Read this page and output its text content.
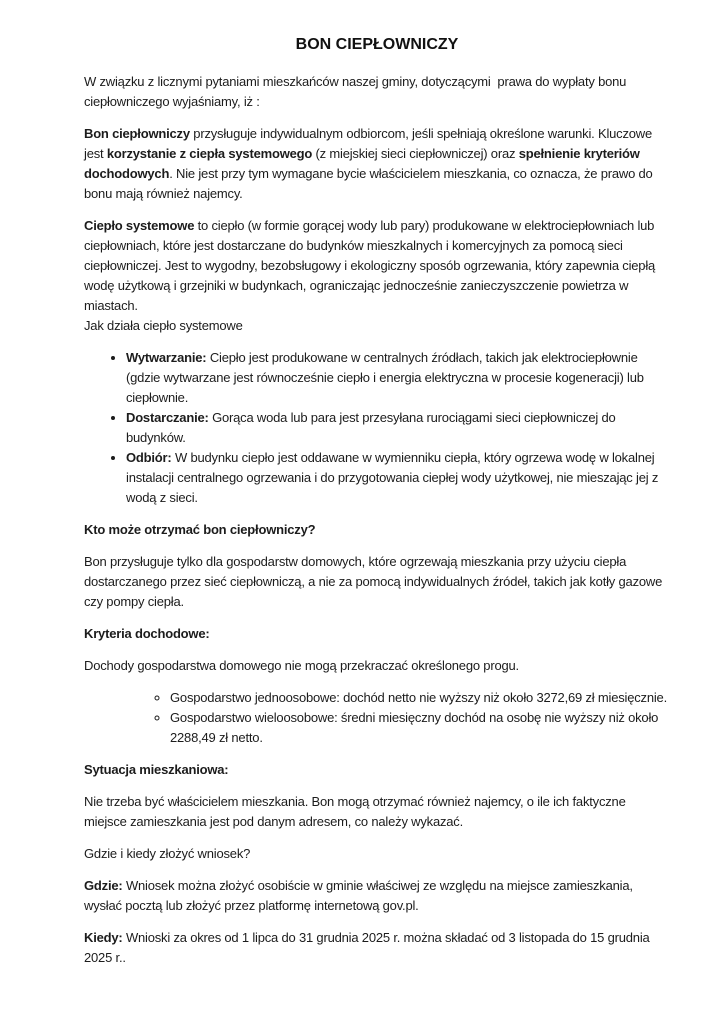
BON CIEPŁOWNICZY

W związku z licznymi pytaniami mieszkańców naszej gminy, dotyczącymi  prawa do wypłaty bonu ciepłowniczego wyjaśniamy, iż :

Bon ciepłowniczy przysługuje indywidualnym odbiorcom, jeśli spełniają określone warunki. Kluczowe jest korzystanie z ciepła systemowego (z miejskiej sieci ciepłowniczej) oraz spełnienie kryteriów dochodowych. Nie jest przy tym wymagane bycie właścicielem mieszkania, co oznacza, że prawo do bonu mają również najemcy.

Ciepło systemowe to ciepło (w formie gorącej wody lub pary) produkowane w elektrociepłowniach lub ciepłowniach, które jest dostarczane do budynków mieszkalnych i komercyjnych za pomocą sieci ciepłowniczej. Jest to wygodny, bezobsługowy i ekologiczny sposób ogrzewania, który zapewnia ciepłą wodę użytkową i grzejniki w budynkach, ograniczając jednocześnie zanieczyszczenie powietrza w miastach.
Jak działa ciepło systemowe

• Wytwarzanie: Ciepło jest produkowane w centralnych źródłach, takich jak elektrociepłownie (gdzie wytwarzane jest równocześnie ciepło i energia elektryczna w procesie kogeneracji) lub ciepłownie.
• Dostarczanie: Gorąca woda lub para jest przesyłana rurociągami sieci ciepłowniczej do budynków.
• Odbiór: W budynku ciepło jest oddawane w wymienniku ciepła, który ogrzewa wodę w lokalnej instalacji centralnego ogrzewania i do przygotowania ciepłej wody użytkowej, nie mieszając jej z wodą z sieci.

Kto może otrzymać bon ciepłowniczy?

Bon przysługuje tylko dla gospodarstw domowych, które ogrzewają mieszkania przy użyciu ciepła dostarczanego przez sieć ciepłowniczą, a nie za pomocą indywidualnych źródeł, takich jak kotły gazowe czy pompy ciepła.

Kryteria dochodowe:

Dochody gospodarstwa domowego nie mogą przekraczać określonego progu.

◦ Gospodarstwo jednoosobowe: dochód netto nie wyższy niż około 3272,69 zł miesięcznie.
◦ Gospodarstwo wieloosobowe: średni miesięczny dochód na osobę nie wyższy niż około 2288,49 zł netto.

Sytuacja mieszkaniowa:

Nie trzeba być właścicielem mieszkania. Bon mogą otrzymać również najemcy, o ile ich faktyczne miejsce zamieszkania jest pod danym adresem, co należy wykazać.

Gdzie i kiedy złożyć wniosek?

Gdzie: Wniosek można złożyć osobiście w gminie właściwej ze względu na miejsce zamieszkania, wysłać pocztą lub złożyć przez platformę internetową gov.pl.

Kiedy: Wnioski za okres od 1 lipca do 31 grudnia 2025 r. można składać od 3 listopada do 15 grudnia 2025 r..
